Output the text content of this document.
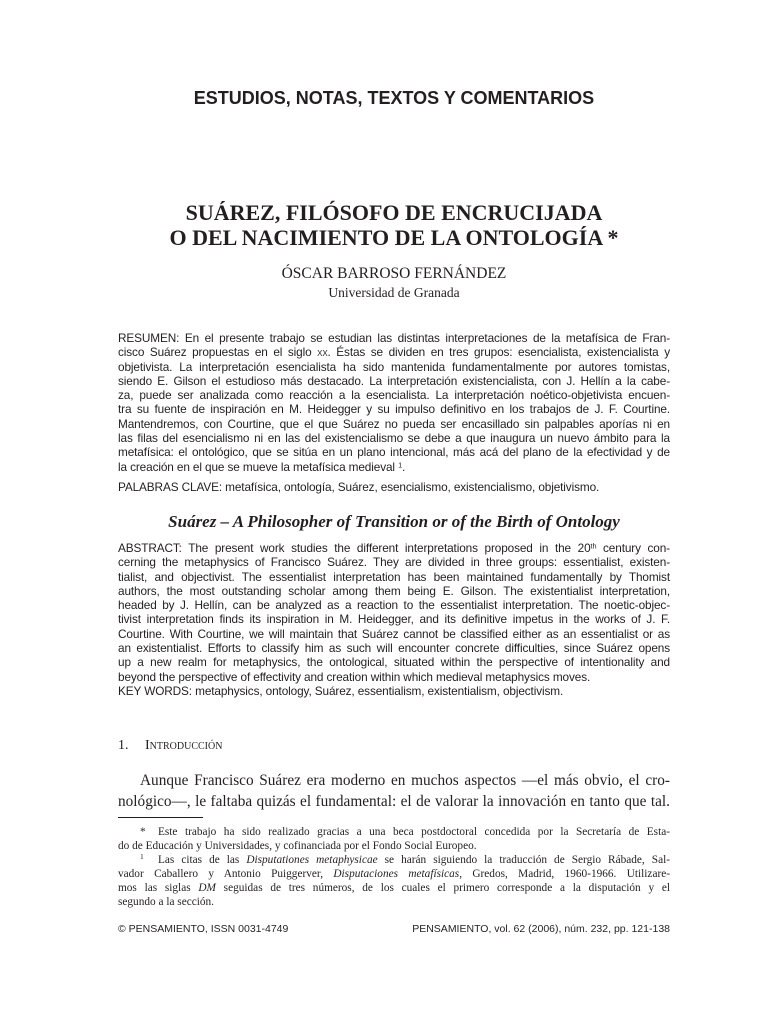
ESTUDIOS, NOTAS, TEXTOS Y COMENTARIOS
SUÁREZ, FILÓSOFO DE ENCRUCIJADA
O DEL NACIMIENTO DE LA ONTOLOGÍA *
ÓSCAR BARROSO FERNÁNDEZ
Universidad de Granada
RESUMEN: En el presente trabajo se estudian las distintas interpretaciones de la metafísica de Fran-
cisco Suárez propuestas en el siglo xx. Éstas se dividen en tres grupos: esencialista, existencialista y
objetivista. La interpretación esencialista ha sido mantenida fundamentalmente por autores tomistas,
siendo E. Gilson el estudioso más destacado. La interpretación existencialista, con J. Hellín a la cabe-
za, puede ser analizada como reacción a la esencialista. La interpretación noético-objetivista encuen-
tra su fuente de inspiración en M. Heidegger y su impulso definitivo en los trabajos de J. F. Courtine.
Mantendremos, con Courtine, que el que Suárez no pueda ser encasillado sin palpables aporías ni en
las filas del esencialismo ni en las del existencialismo se debe a que inaugura un nuevo ámbito para la
metafísica: el ontológico, que se sitúa en un plano intencional, más acá del plano de la efectividad y de
la creación en el que se mueve la metafísica medieval $^1$.
PALABRAS CLAVE: metafísica, ontología, Suárez, esencialismo, existencialismo, objetivismo.
Suárez – A Philosopher of Transition or of the Birth of Ontology
ABSTRACT: The present work studies the different interpretations proposed in the 20th century con-
cerning the metaphysics of Francisco Suárez. They are divided in three groups: essentialist, existen-
tialist, and objectivist. The essentialist interpretation has been maintained fundamentally by Thomist
authors, the most outstanding scholar among them being E. Gilson. The existentialist interpretation,
headed by J. Hellín, can be analyzed as a reaction to the essentialist interpretation. The noetic-objec-
tivist interpretation finds its inspiration in M. Heidegger, and its definitive impetus in the works of J. F.
Courtine. With Courtine, we will maintain that Suárez cannot be classified either as an essentialist or as
an existentialist. Efforts to classify him as such will encounter concrete difficulties, since Suárez opens
up a new realm for metaphysics, the ontological, situated within the perspective of intentionality and
beyond the perspective of effectivity and creation within which medieval metaphysics moves.
KEY WORDS: metaphysics, ontology, Suárez, essentialism, existentialism, objectivism.
1. Introducción
Aunque Francisco Suárez era moderno en muchos aspectos —el más obvio, el cro-
nológico—, le faltaba quizás el fundamental: el de valorar la innovación en tanto que tal.
* Este trabajo ha sido realizado gracias a una beca postdoctoral concedida por la Secretaría de Esta-
do de Educación y Universidades, y cofinanciada por el Fondo Social Europeo.
1 Las citas de las Disputationes metaphysicae se harán siguiendo la traducción de Sergio Rábade, Sal-
vador Caballero y Antonio Puiggerver, Disputaciones metafísicas, Gredos, Madrid, 1960-1966. Utilizare-
mos las siglas DM seguidas de tres números, de los cuales el primero corresponde a la disputación y el
segundo a la sección.
© PENSAMIENTO, ISSN 0031-4749	PENSAMIENTO, vol. 62 (2006), núm. 232, pp. 121-138
